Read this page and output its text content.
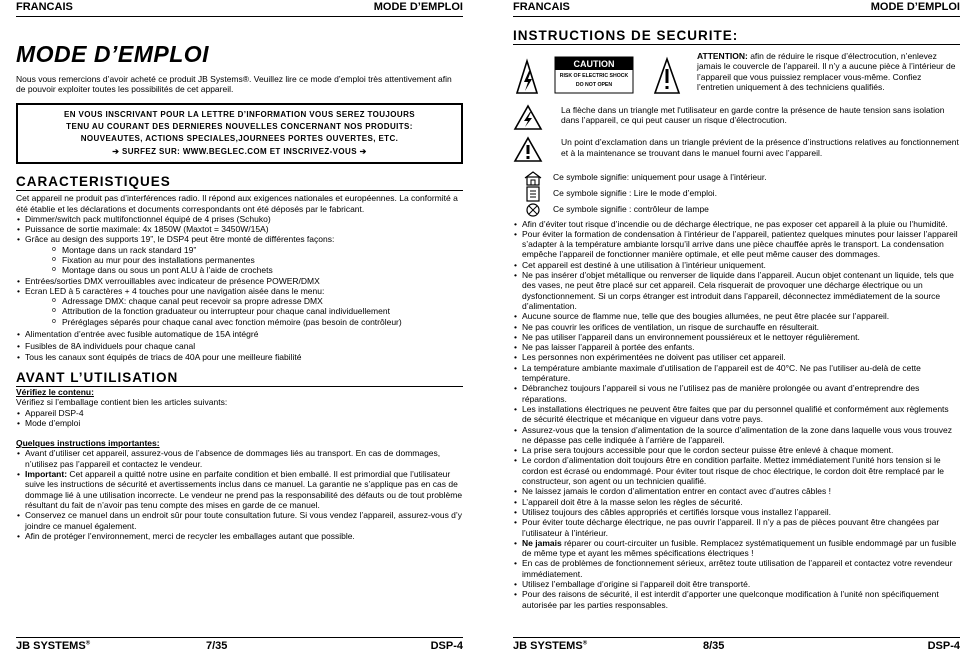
FRANCAIS	MODE D’EMPLOI
MODE D’EMPLOI

Nous vous remercions d’avoir acheté ce produit JB Systems®. Veuillez lire ce mode d’emploi très attentivement afin de pouvoir exploiter toutes les possibilités de cet appareil.

EN VOUS INSCRIVANT POUR LA LETTRE D’INFORMATION VOUS SEREZ TOUJOURS
TENU AU COURANT DES DERNIERES NOUVELLES CONCERNANT NOS PRODUITS:
NOUVEAUTES, ACTIONS SPECIALES,JOURNEES PORTES OUVERTES, ETC.
➔ SURFEZ SUR: WWW.BEGLEC.COM ET INSCRIVEZ-VOUS ➔
CARACTERISTIQUES

Cet appareil ne produit pas d’interférences radio. Il répond aux exigences nationales et européennes. La conformité a été établie et les déclarations et documents correspondants ont été déposés par le fabricant.

• Dimmer/switch pack multifonctionnel équipé de 4 prises (Schuko)
• Puissance de sortie maximale: 4x 1850W (Maxtot = 3450W/15A)
• Grâce au design des supports 19”, le DSP4 peut être monté de différentes façons:
o Montage dans un rack standard 19”
o Fixation au mur pour des installations permanentes
o Montage dans ou sous un pont ALU à l’aide de crochets
• Entrées/sorties DMX verrouillables avec indicateur de présence POWER/DMX
• Ecran LED à 5 caractères + 4 touches pour une navigation aisée dans le menu:
o Adressage DMX: chaque canal peut recevoir sa propre adresse DMX
o Attribution de la fonction graduateur ou interrupteur pour chaque canal individuellement
o Préréglages séparés pour chaque canal avec fonction mémoire (pas besoin de contrôleur)
• Alimentation d’entrée avec fusible automatique de 15A intégré
• Fusibles de 8A individuels pour chaque canal
• Tous les canaux sont équipés de triacs de 40A pour une meilleure fiabilité
AVANT L’UTILISATION

Vérifiez le contenu:

Vérifiez si l’emballage contient bien les articles suivants:

• Appareil DSP-4
• Mode d’emploi

Quelques instructions importantes:

• Avant d’utiliser cet appareil, assurez-vous de l’absence de dommages liés au transport. En cas de dommages, n’utilisez pas l’appareil et contactez le vendeur.
• Important: Cet appareil a quitté notre usine en parfaite condition et bien emballé. Il est primordial que l’utilisateur suive les instructions de sécurité et avertissements inclus dans ce manuel. La garantie ne s’applique pas en cas de dommage lié à une utilisation incorrecte. Le vendeur ne prend pas la responsabilité des défauts ou de tout problème résultant du fait de n’avoir pas tenu compte des mises en garde de ce manuel.
• Conservez ce manuel dans un endroit sûr pour toute consultation future. Si vous vendez l’appareil, assurez-vous d’y joindre ce manuel également.
• Afin de protéger l’environnement, merci de recycler les emballages autant que possible.
JB SYSTEMS®	7/35	DSP-4
FRANCAIS	MODE D’EMPLOI
INSTRUCTIONS DE SECURITE:
CAUTION
RISK OF ELECTRIC SHOCK
DO NOT OPEN

ATTENTION: afin de réduire le risque d’électrocution, n’enlevez jamais le couvercle de l’appareil. Il n’y a aucune pièce à l’intérieur de l’appareil que vous puissiez remplacer vous-même. Confiez l’entretien uniquement à des techniciens qualifiés.

La flèche dans un triangle met l'utilisateur en garde contre la présence de haute tension sans isolation dans l’appareil, ce qui peut causer un risque d’électrocution.

Un point d’exclamation dans un triangle prévient de la présence d’instructions relatives au fonctionnement et à la maintenance se trouvant dans le manuel fourni avec l’appareil.

Ce symbole signifie: uniquement pour usage à l’intérieur.
Ce symbole signifie : Lire le mode d’emploi.
Ce symbole signifie : contrôleur de lampe
• Afin d’éviter tout risque d’incendie ou de décharge électrique, ne pas exposer cet appareil à la pluie ou l’humidité.
• Pour éviter la formation de condensation à l’intérieur de l’appareil, patientez quelques minutes pour laisser l’appareil s’adapter à la température ambiante lorsqu’il arrive dans une pièce chauffée après le transport. La condensation empêche l’appareil de fonctionner manière optimale, et elle peut même causer des dommages.
• Cet appareil est destiné à une utilisation à l’intérieur uniquement.
• Ne pas insérer d’objet métallique ou renverser de liquide dans l’appareil. Aucun objet contenant un liquide, tels que des vases, ne peut être placé sur cet appareil. Cela risquerait de provoquer une décharge électrique ou un dysfonctionnement. Si un corps étranger est introduit dans l’appareil, déconnectez immédiatement de la source d’alimentation.
• Aucune source de flamme nue, telle que des bougies allumées, ne peut être placée sur l’appareil.
• Ne pas couvrir les orifices de ventilation, un risque de surchauffe en résulterait.
• Ne pas utiliser l’appareil dans un environnement poussiéreux et le nettoyer régulièrement.
• Ne pas laisser l’appareil à portée des enfants.
• Les personnes non expérimentées ne doivent pas utiliser cet appareil.
• La température ambiante maximale d’utilisation de l’appareil est de 40°C. Ne pas l’utiliser au-delà de cette température.
• Débranchez toujours l’appareil si vous ne l’utilisez pas de manière prolongée ou avant d’entreprendre des réparations.
• Les installations électriques ne peuvent être faites que par du personnel qualifié et conformément aux règlements de sécurité électrique et mécanique en vigueur dans votre pays.
• Assurez-vous que la tension d’alimentation de la source d’alimentation de la zone dans laquelle vous vous trouvez ne dépasse pas celle indiquée à l’arrière de l’appareil.
• La prise sera toujours accessible pour que le cordon secteur puisse être enlevé à chaque moment.
• Le cordon d’alimentation doit toujours être en condition parfaite. Mettez immédiatement l’unité hors tension si le cordon est écrasé ou endommagé. Pour éviter tout risque de choc électrique, le cordon doit être remplacé par le constructeur, son agent ou un technicien qualifié.
• Ne laissez jamais le cordon d’alimentation entrer en contact avec d’autres câbles !
• L’appareil doit être à la masse selon les règles de sécurité.
• Utilisez toujours des câbles appropriés et certifiés lorsque vous installez l’appareil.
• Pour éviter toute décharge électrique, ne pas ouvrir l’appareil. Il n’y a pas de pièces pouvant être changées par l’utilisateur à l’intérieur.
• Ne jamais réparer ou court-circuiter un fusible. Remplacez systématiquement un fusible endommagé par un fusible de même type et ayant les mêmes spécifications électriques !
• En cas de problèmes de fonctionnement sérieux, arrêtez toute utilisation de l’appareil et contactez votre revendeur immédiatement.
• Utilisez l’emballage d’origine si l’appareil doit être transporté.
• Pour des raisons de sécurité, il est interdit d’apporter une quelconque modification à l’unité non spécifiquement autorisée par les parties responsables.
JB SYSTEMS®	8/35	DSP-4
